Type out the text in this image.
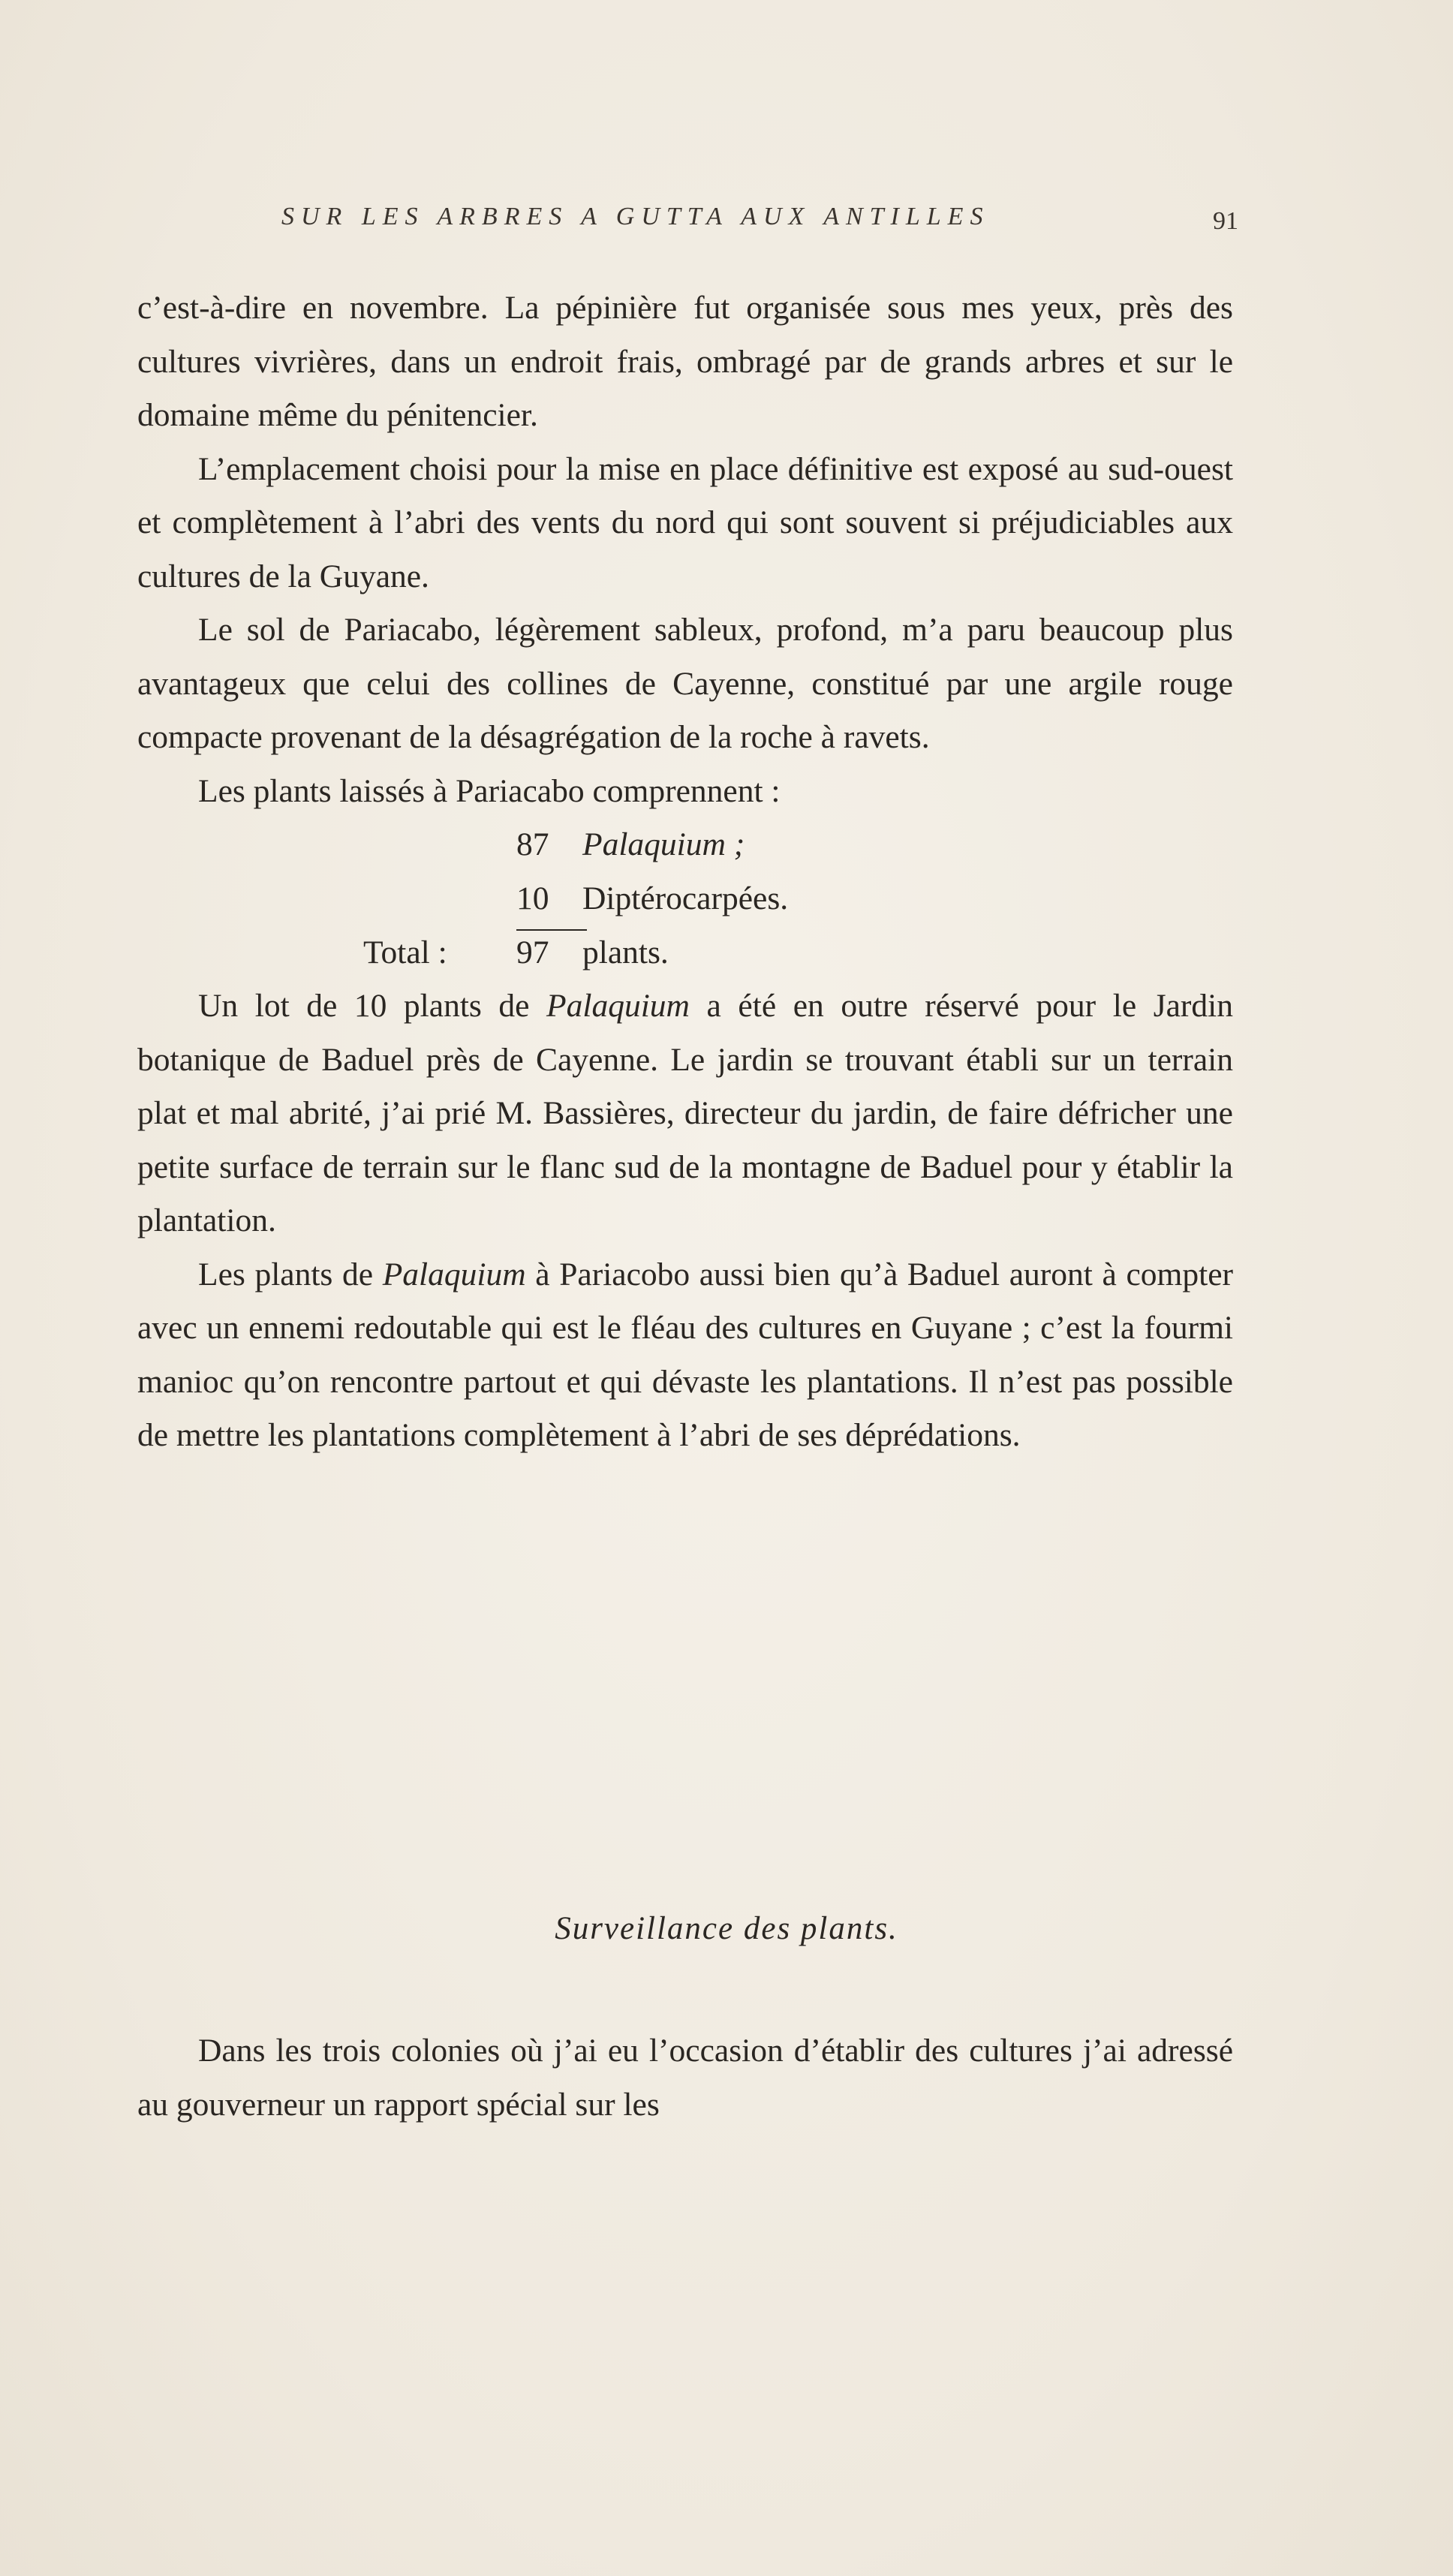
SUR LES ARBRES A GUTTA AUX ANTILLES	91

c’est-à-dire en novembre. La pépinière fut organisée sous mes yeux, près des cultures vivrières, dans un endroit frais, ombragé par de grands arbres et sur le domaine même du pénitencier.

L’emplacement choisi pour la mise en place définitive est exposé au sud-ouest et complètement à l’abri des vents du nord qui sont souvent si préjudiciables aux cultures de la Guyane.

Le sol de Pariacabo, légèrement sableux, profond, m’a paru beaucoup plus avantageux que celui des collines de Cayenne, constitué par une argile rouge compacte provenant de la désagrégation de la roche à ravets.

Les plants laissés à Pariacabo comprennent :

87 Palaquium ;
10 Diptérocarpées.
Total : 97 plants.

Un lot de 10 plants de Palaquium a été en outre réservé pour le Jardin botanique de Baduel près de Cayenne. Le jardin se trouvant établi sur un terrain plat et mal abrité, j’ai prié M. Bassières, directeur du jardin, de faire défricher une petite surface de terrain sur le flanc sud de la montagne de Baduel pour y établir la plantation.

Les plants de Palaquium à Pariacobo aussi bien qu’à Baduel auront à compter avec un ennemi redoutable qui est le fléau des cultures en Guyane ; c’est la fourmi manioc qu’on rencontre partout et qui dévaste les plantations. Il n’est pas possible de mettre les plantations complètement à l’abri de ses déprédations.

Surveillance des plants.

Dans les trois colonies où j’ai eu l’occasion d’établir des cultures j’ai adressé au gouverneur un rapport spécial sur les
